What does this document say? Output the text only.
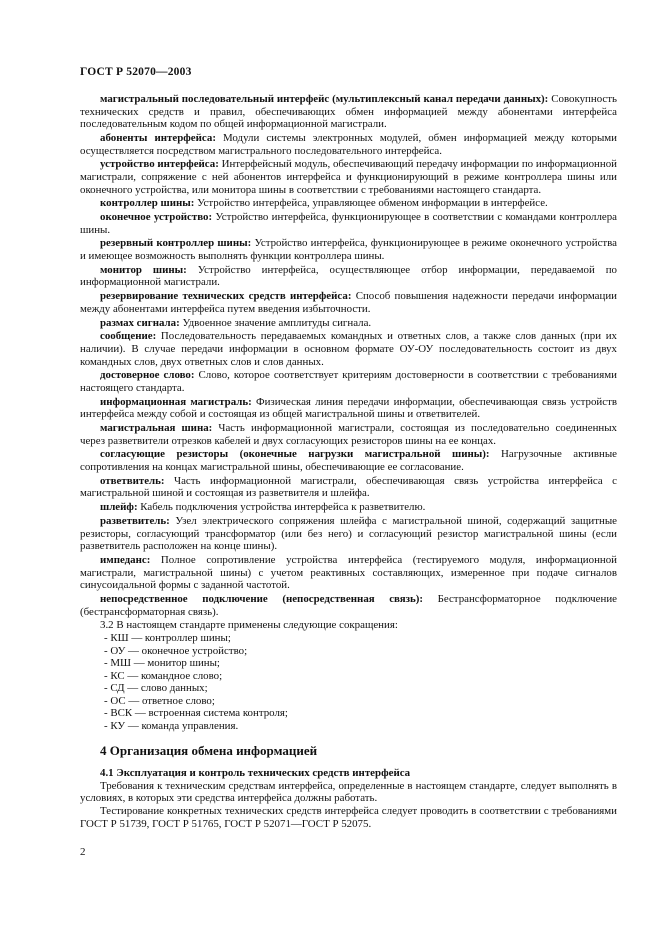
ГОСТ Р 52070—2003

магистральный последовательный интерфейс (мультиплексный канал передачи данных): Совокупность технических средств и правил, обеспечивающих обмен информацией между абонентами интерфейса последовательным кодом по общей информационной магистрали.

абоненты интерфейса: Модули системы электронных модулей, обмен информацией между которыми осуществляется посредством магистрального последовательного интерфейса.

устройство интерфейса: Интерфейсный модуль, обеспечивающий передачу информации по информационной магистрали, сопряжение с ней абонентов интерфейса и функционирующий в режиме контроллера шины или оконечного устройства, или монитора шины в соответствии с требованиями настоящего стандарта.

контроллер шины: Устройство интерфейса, управляющее обменом информации в интерфейсе.

оконечное устройство: Устройство интерфейса, функционирующее в соответствии с командами контроллера шины.

резервный контроллер шины: Устройство интерфейса, функционирующее в режиме оконечного устройства и имеющее возможность выполнять функции контроллера шины.

монитор шины: Устройство интерфейса, осуществляющее отбор информации, передаваемой по информационной магистрали.

резервирование технических средств интерфейса: Способ повышения надежности передачи информации между абонентами интерфейса путем введения избыточности.

размах сигнала: Удвоенное значение амплитуды сигнала.

сообщение: Последовательность передаваемых командных и ответных слов, а также слов данных (при их наличии). В случае передачи информации в основном формате ОУ-ОУ последовательность состоит из двух командных слов, двух ответных слов и слов данных.

достоверное слово: Слово, которое соответствует критериям достоверности в соответствии с требованиями настоящего стандарта.

информационная магистраль: Физическая линия передачи информации, обеспечивающая связь устройств интерфейса между собой и состоящая из общей магистральной шины и ответвителей.

магистральная шина: Часть информационной магистрали, состоящая из последовательно соединенных через разветвители отрезков кабелей и двух согласующих резисторов шины на ее концах.

согласующие резисторы (оконечные нагрузки магистральной шины): Нагрузочные активные сопротивления на концах магистральной шины, обеспечивающие ее согласование.

ответвитель: Часть информационной магистрали, обеспечивающая связь устройства интерфейса с магистральной шиной и состоящая из разветвителя и шлейфа.

шлейф: Кабель подключения устройства интерфейса к разветвителю.

разветвитель: Узел электрического сопряжения шлейфа с магистральной шиной, содержащий защитные резисторы, согласующий трансформатор (или без него) и согласующий резистор магистральной шины (если разветвитель расположен на конце шины).

импеданс: Полное сопротивление устройства интерфейса (тестируемого модуля, информационной магистрали, магистральной шины) с учетом реактивных составляющих, измеренное при подаче сигналов синусоидальной формы с заданной частотой.

непосредственное подключение (непосредственная связь): Бестрансформаторное подключение (бестрансформаторная связь).

3.2 В настоящем стандарте применены следующие сокращения:

- КШ — контроллер шины;
- ОУ — оконечное устройство;
- МШ — монитор шины;
- КС — командное слово;
- СД — слово данных;
- ОС — ответное слово;
- ВСК — встроенная система контроля;
- КУ — команда управления.
4 Организация обмена информацией
4.1 Эксплуатация и контроль технических средств интерфейса

Требования к техническим средствам интерфейса, определенные в настоящем стандарте, следует выполнять в условиях, в которых эти средства интерфейса должны работать.

Тестирование конкретных технических средств интерфейса следует проводить в соответствии с требованиями ГОСТ Р 51739, ГОСТ Р 51765, ГОСТ Р 52071—ГОСТ Р 52075.

2
